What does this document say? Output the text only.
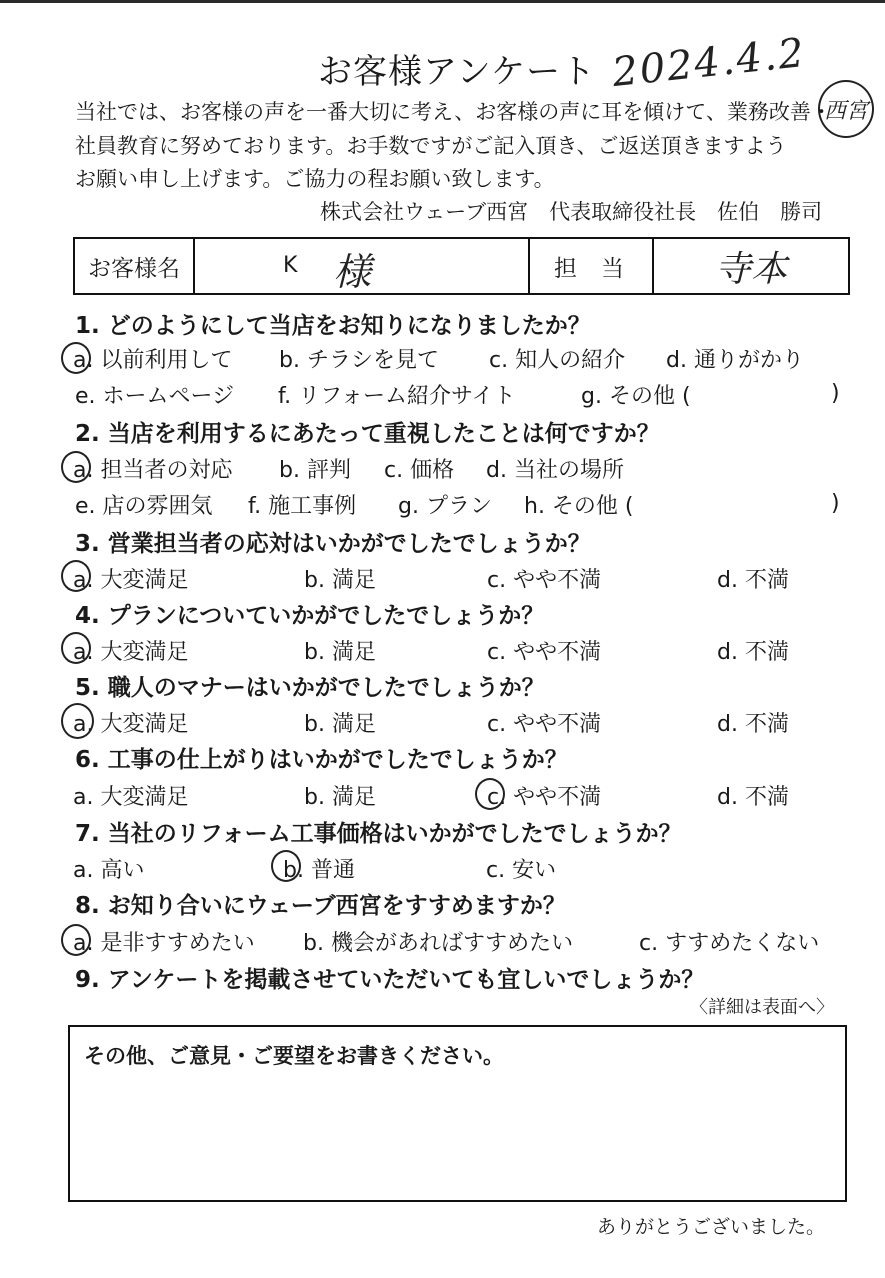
お客様アンケート 2024.4.2
西宮
当社では、お客様の声を一番大切に考え、お客様の声に耳を傾けて、業務改善・
社員教育に努めております。お手数ですがご記入頂き、ご返送頂きますよう
お願い申し上げます。ご協力の程お願い致します。
株式会社ウェーブ西宮　代表取締役社長　佐伯　勝司
お客様名	K 様	担当	寺本
1. どのようにして当店をお知りになりましたか？
a. 以前利用して b. チラシを見て c. 知人の紹介 d. 通りがかり
e. ホームページ f. リフォーム紹介サイト	g. その他 (	)
2. 当店を利用するにあたって重視したことは何ですか？
a. 担当者の対応 b. 評判 c. 価格 d. 当社の場所
e. 店の雰囲気 f. 施工事例 g. プラン h. その他 (	)
3. 営業担当者の応対はいかがでしたでしょうか？
a. 大変満足	b. 満足	c. やや不満	d. 不満
4. プランについていかがでしたでしょうか？
a. 大変満足	b. 満足	c. やや不満	d. 不満
5. 職人のマナーはいかがでしたでしょうか？
a. 大変満足	b. 満足	c. やや不満	d. 不満
6. 工事の仕上がりはいかがでしたでしょうか？
a. 大変満足	b. 満足	c. やや不満	d. 不満
7. 当社のリフォーム工事価格はいかがでしたでしょうか？
a. 高い	b. 普通	c. 安い
8. お知り合いにウェーブ西宮をすすめますか？
a. 是非すすめたい b. 機会があればすすめたい	c. すすめたくない
9. アンケートを掲載させていただいても宜しいでしょうか？
〈詳細は表面へ〉
その他、ご意見・ご要望をお書きください。
ありがとうございました。
